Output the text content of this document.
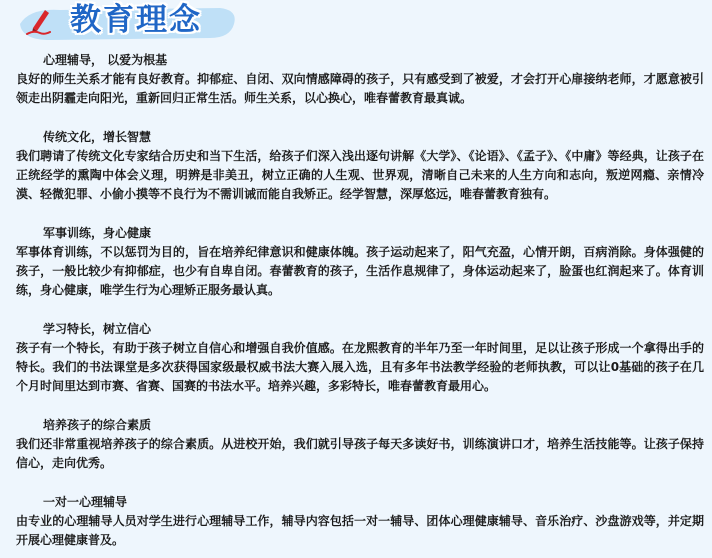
教育理念
心理辅导， 以爱为根基
良好的师生关系才能有良好教育。抑郁症、自闭、双向情感障碍的孩子，只有感受到了被爱，才会打开心扉接纳老师，才愿意被引领走出阴霾走向阳光，重新回归正常生活。师生关系，以心换心，唯春蕾教育最真诚。
传统文化，增长智慧
我们聘请了传统文化专家结合历史和当下生活，给孩子们深入浅出逐句讲解《大学》、《论语》、《孟子》、《中庸》等经典，让孩子在正统经学的熏陶中体会义理，明辨是非美丑，树立正确的人生观、世界观，清晰自己未来的人生方向和志向，叛逆网瘾、亲情冷漠、轻微犯罪、小偷小摸等不良行为不需训诫而能自我矫正。经学智慧，深厚悠远，唯春蕾教育独有。
军事训练，身心健康
军事体育训练，不以惩罚为目的，旨在培养纪律意识和健康体魄。孩子运动起来了，阳气充盈，心情开朗，百病消除。身体强健的孩子，一般比较少有抑郁症，也少有自卑自闭。春蕾教育的孩子，生活作息规律了，身体运动起来了，脸蛋也红润起来了。体育训练，身心健康，唯学生行为心理矫正服务最认真。
学习特长，树立信心
孩子有一个特长，有助于孩子树立自信心和增强自我价值感。在龙熙教育的半年乃至一年时间里，足以让孩子形成一个拿得出手的特长。我们的书法课堂是多次获得国家级最权威书法大赛入展入选，且有多年书法教学经验的老师执教，可以让0基础的孩子在几个月时间里达到市赛、省赛、国赛的书法水平。培养兴趣，多彩特长，唯春蕾教育最用心。
培养孩子的综合素质
我们还非常重视培养孩子的综合素质。从进校开始，我们就引导孩子每天多读好书，训练演讲口才，培养生活技能等。让孩子保持信心，走向优秀。
一对一心理辅导
由专业的心理辅导人员对学生进行心理辅导工作，辅导内容包括一对一辅导、团体心理健康辅导、音乐治疗、沙盘游戏等，并定期开展心理健康普及。
